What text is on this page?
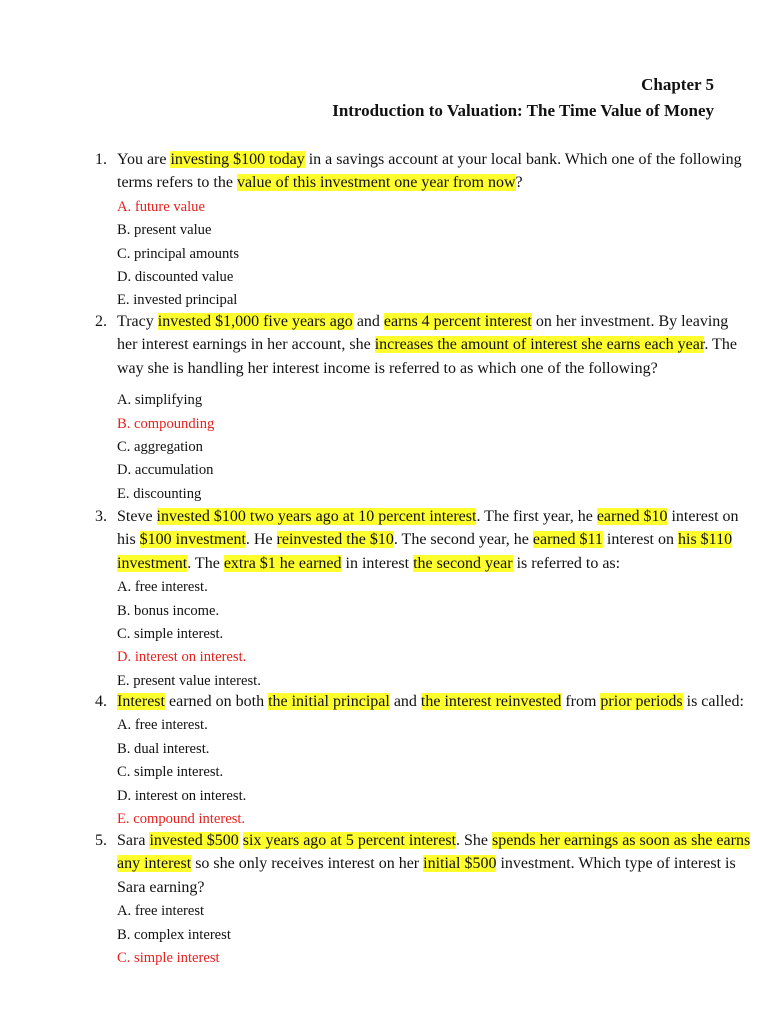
Chapter 5
Introduction to Valuation: The Time Value of Money
1. You are investing $100 today in a savings account at your local bank. Which one of the following
terms refers to the value of this investment one year from now?
A. future value
B. present value
C. principal amounts
D. discounted value
E. invested principal
2. Tracy invested $1,000 five years ago and earns 4 percent interest on her investment. By leaving
her interest earnings in her account, she increases the amount of interest she earns each year. The
way she is handling her interest income is referred to as which one of the following?
A. simplifying
B. compounding
C. aggregation
D. accumulation
E. discounting
3. Steve invested $100 two years ago at 10 percent interest. The first year, he earned $10 interest on
his $100 investment. He reinvested the $10. The second year, he earned $11 interest on his $110
investment. The extra $1 he earned in interest the second year is referred to as:
A. free interest.
B. bonus income.
C. simple interest.
D. interest on interest.
E. present value interest.
4. Interest earned on both the initial principal and the interest reinvested from prior periods is called:
A. free interest.
B. dual interest.
C. simple interest.
D. interest on interest.
E. compound interest.
5. Sara invested $500 six years ago at 5 percent interest. She spends her earnings as soon as she earns
any interest so she only receives interest on her initial $500 investment. Which type of interest is
Sara earning?
A. free interest
B. complex interest
C. simple interest
